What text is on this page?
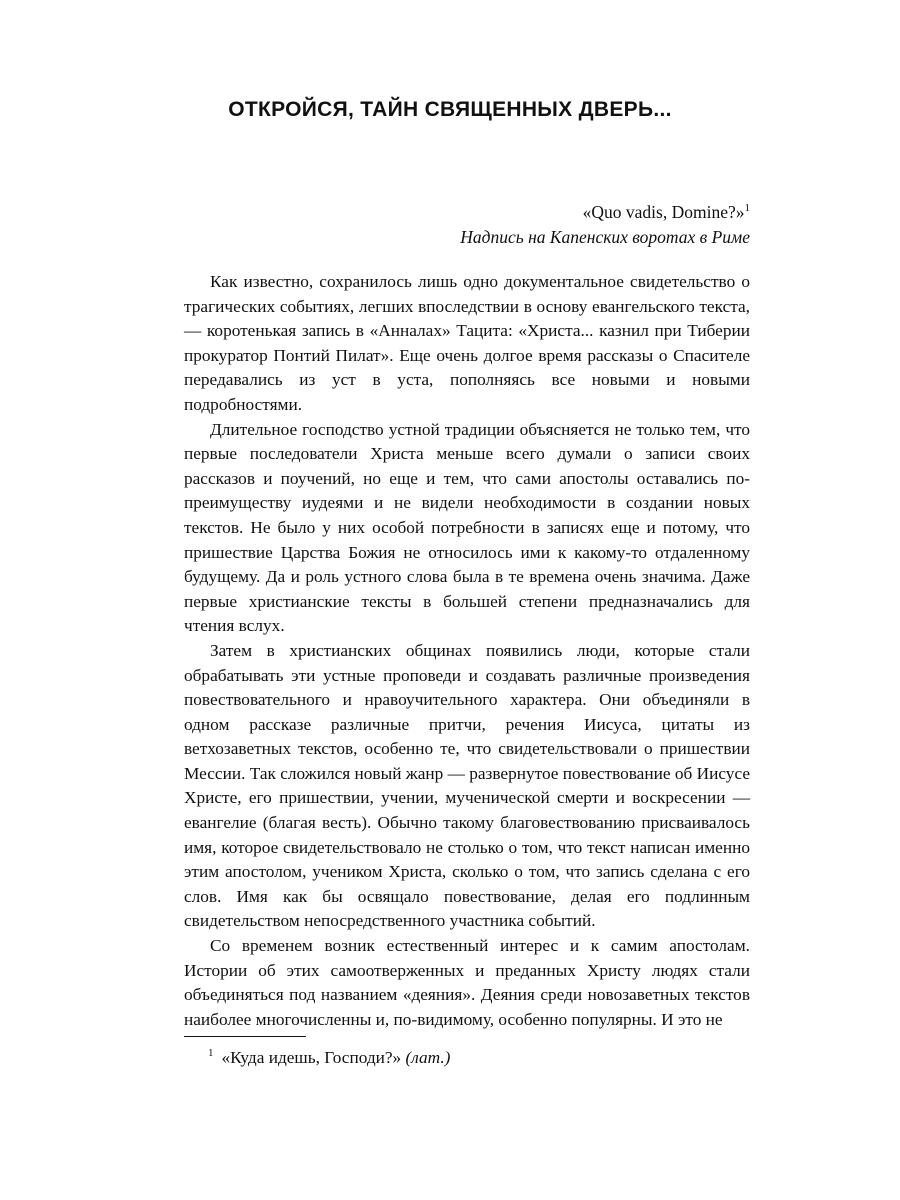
ОТКРОЙСЯ, ТАЙН СВЯЩЕННЫХ ДВЕРЬ...
«Quo vadis, Domine?»$^1$
Надпись на Капенских воротах в Риме

Как известно, сохранилось лишь одно документальное свидетельство о трагических событиях, легших впоследствии в основу евангельского текста, — коротенькая запись в «Анналах» Тацита: «Христа... казнил при Тиберии прокуратор Понтий Пилат». Еще очень долгое время рассказы о Спасителе передавались из уст в уста, пополняясь все новыми и новыми подробностями.

Длительное господство устной традиции объясняется не только тем, что первые последователи Христа меньше всего думали о записи своих рассказов и поучений, но еще и тем, что сами апостолы оставались по-преимуществу иудеями и не видели необходимости в создании новых текстов. Не было у них особой потребности в записях еще и потому, что пришествие Царства Божия не относилось ими к какому-то отдаленному будущему. Да и роль устного слова была в те времена очень значима. Даже первые христианские тексты в большей степени предназначались для чтения вслух.

Затем в христианских общинах появились люди, которые стали обрабатывать эти устные проповеди и создавать различные произведения повествовательного и нравоучительного характера. Они объединяли в одном рассказе различные притчи, речения Иисуса, цитаты из ветхозаветных текстов, особенно те, что свидетельствовали о пришествии Мессии. Так сложился новый жанр — развернутое повествование об Иисусе Христе, его пришествии, учении, мученической смерти и воскресении — евангелие (благая весть). Обычно такому благовествованию присваивалось имя, которое свидетельствовало не столько о том, что текст написан именно этим апостолом, учеником Христа, сколько о том, что запись сделана с его слов. Имя как бы освящало повествование, делая его подлинным свидетельством непосредственного участника событий.

Со временем возник естественный интерес и к самим апостолам. Истории об этих самоотверженных и преданных Христу людях стали объединяться под названием «деяния». Деяния среди новозаветных текстов наиболее многочисленны и, по-видимому, особенно популярны. И это не

$^1$ «Куда идешь, Господи?» (лат.)
